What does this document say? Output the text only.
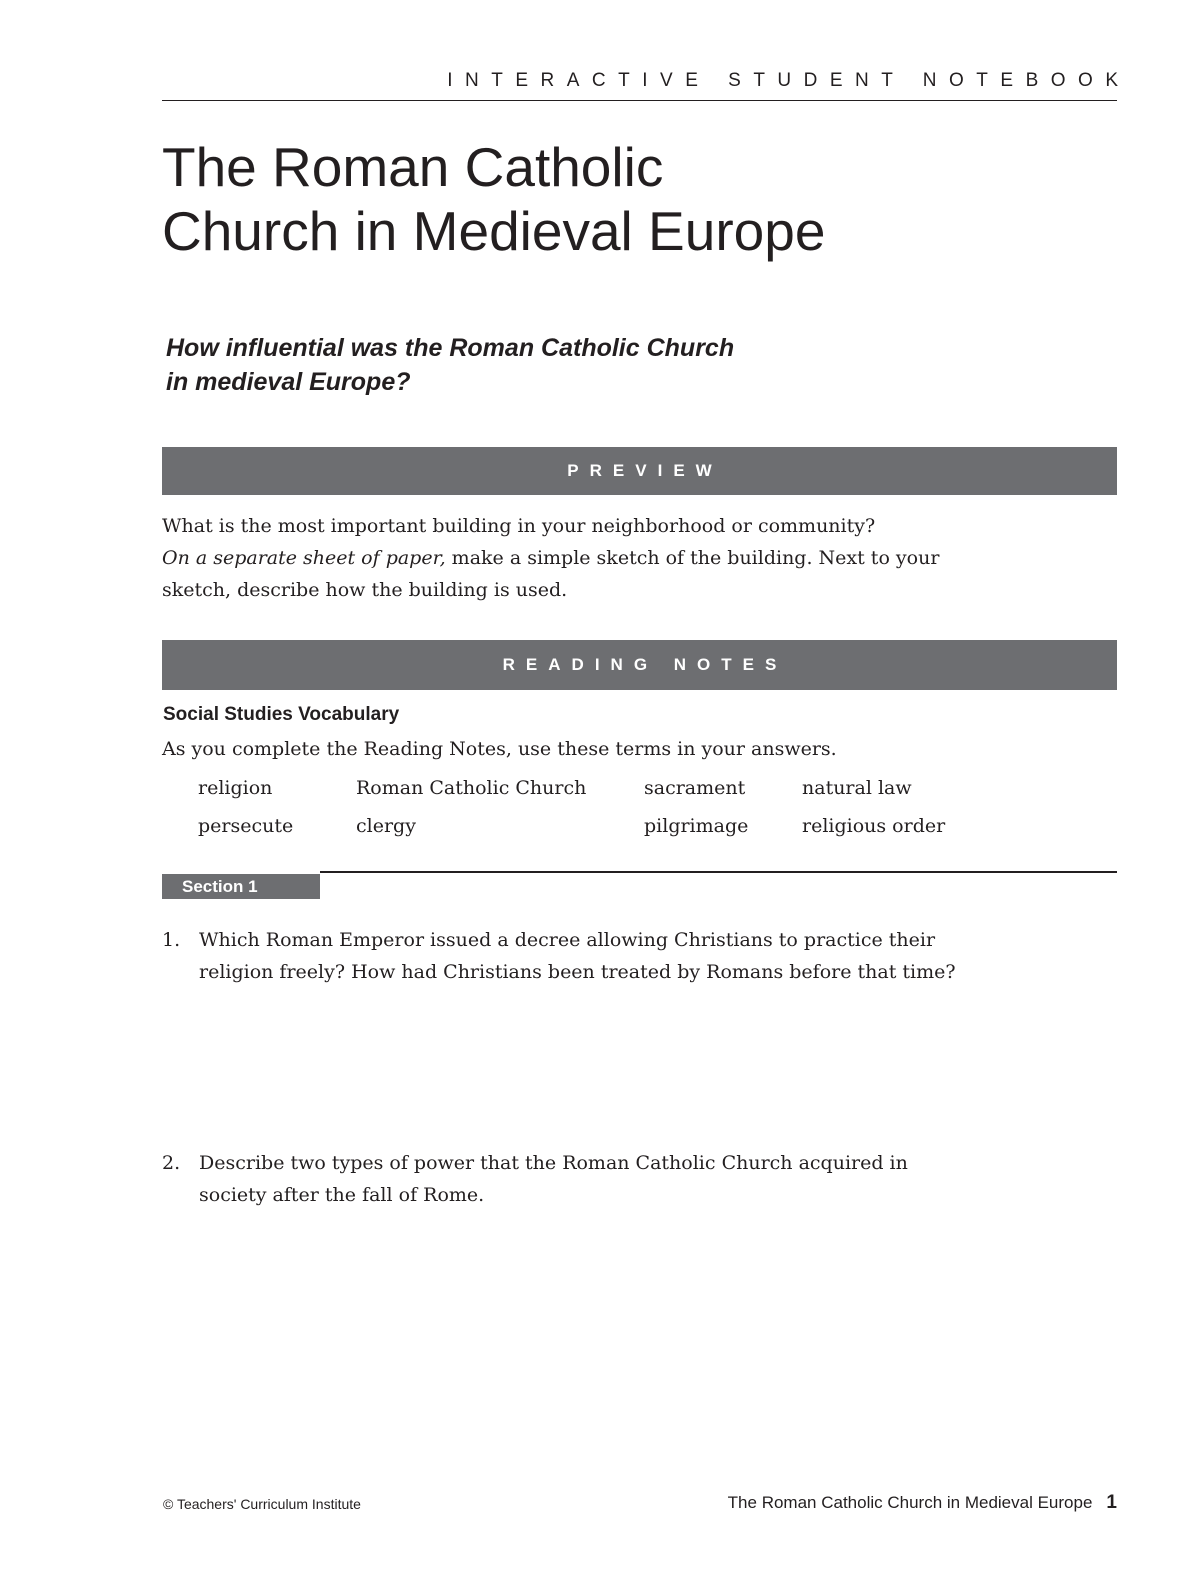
INTERACTIVE STUDENT NOTEBOOK
The Roman Catholic
Church in Medieval Europe

How influential was the Roman Catholic Church
in medieval Europe?

PREVIEW

What is the most important building in your neighborhood or community?
On a separate sheet of paper, make a simple sketch of the building. Next to your
sketch, describe how the building is used.

READING NOTES
Social Studies Vocabulary

As you complete the Reading Notes, use these terms in your answers.

religion	Roman Catholic Church	sacrament	natural law
persecute	clergy	pilgrimage	religious order
Section 1
1. Which Roman Emperor issued a decree allowing Christians to practice their
religion freely? How had Christians been treated by Romans before that time?
2. Describe two types of power that the Roman Catholic Church acquired in
society after the fall of Rome.
© Teachers' Curriculum Institute	The Roman Catholic Church in Medieval Europe 1
